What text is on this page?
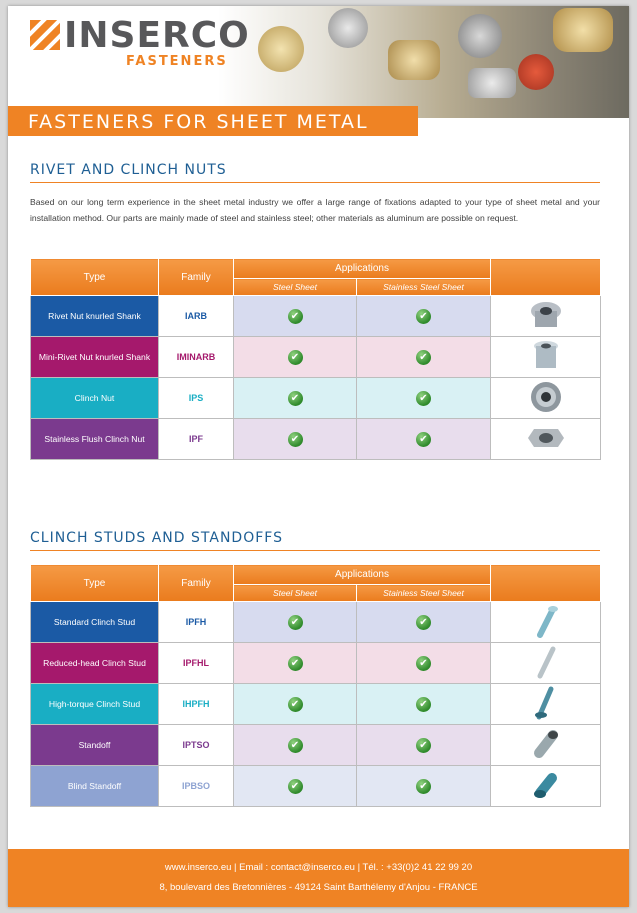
INSERCO
FASTENERS
FASTENERS FOR SHEET METAL
RIVET AND CLINCH NUTS
Based on our long term experience in the sheet metal industry we offer a large range of fixations adapted to your type of sheet metal and your installation method. Our parts are mainly made of steel and stainless steel; other materials as aluminum are possible on request.
Type	Family	Applications		
		Steel Sheet	Stainless Steel Sheet	
Rivet Nut knurled Shank	IARB	✔	✔	
Mini-Rivet Nut knurled Shank	IMINARB	✔	✔	
Clinch Nut	IPS	✔	✔	
Stainless Flush Clinch Nut	IPF	✔	✔	
CLINCH STUDS AND STANDOFFS
Type	Family	Applications		
		Steel Sheet	Stainless Steel Sheet	
Standard Clinch Stud	IPFH	✔	✔	
Reduced-head Clinch Stud	IPFHL	✔	✔	
High-torque Clinch Stud	IHPFH	✔	✔	
Standoff	IPTSO	✔	✔	
Blind Standoff	IPBSO	✔	✔	
www.inserco.eu | Email : contact@inserco.eu | Tél. : +33(0)2 41 22 99 20
8, boulevard des Bretonnières - 49124 Saint Barthélemy d'Anjou - FRANCE
